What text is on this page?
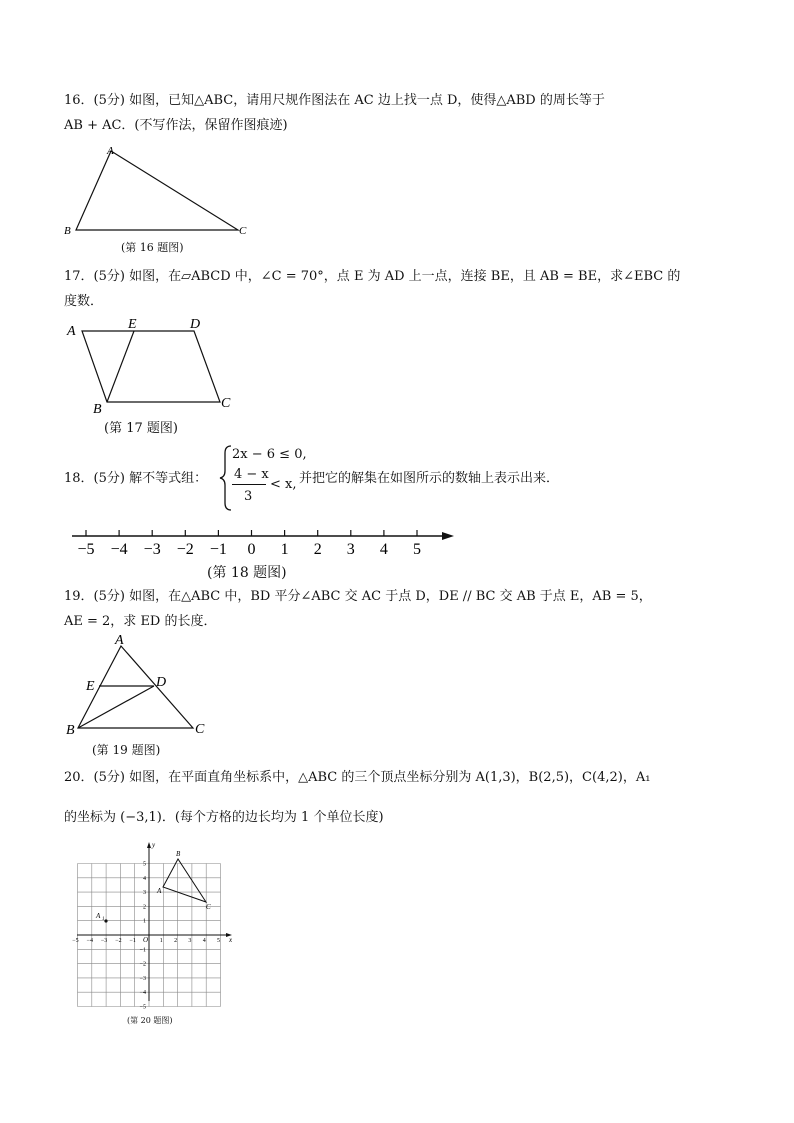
16．(5分) 如图，已知△ABC，请用尺规作图法在 AC 边上找一点 D，使得△ABD 的周长等于
AB + AC．(不写作法，保留作图痕迹)
A
B	C
(第 16 题图)
17．(5分) 如图，在▱ABCD 中，∠C = 70°，点 E 为 AD 上一点，连接 BE，且 AB = BE，求∠EBC 的
度数．
A	E	D
B	C
(第 17 题图)
18．(5分) 解不等式组：
2x − 6 ≤ 0,
4 − x
3
< x, 并把它的解集在如图所示的数轴上表示出来．
−5 −4 −3 −2 −1 0 1 2 3 4 5
(第 18 题图)
19．(5分) 如图，在△ABC 中，BD 平分∠ABC 交 AC 于点 D，DE // BC 交 AB 于点 E，AB = 5，
AE = 2，求 ED 的长度．
A
E	D
B	C
(第 19 题图)
20．(5分) 如图，在平面直角坐标系中，△ABC 的三个顶点坐标分别为 A(1,3)，B(2,5)，C(4,2)，A₁
的坐标为 (−3,1)．(每个方格的边长均为 1 个单位长度)
A 1
A
B
C
O	x
y
−5 −4 −3 −2 −1	1 2 3 4 5
5
4
3
2
1
−1
−2
−3
−4
−5
(第 20 题图)
